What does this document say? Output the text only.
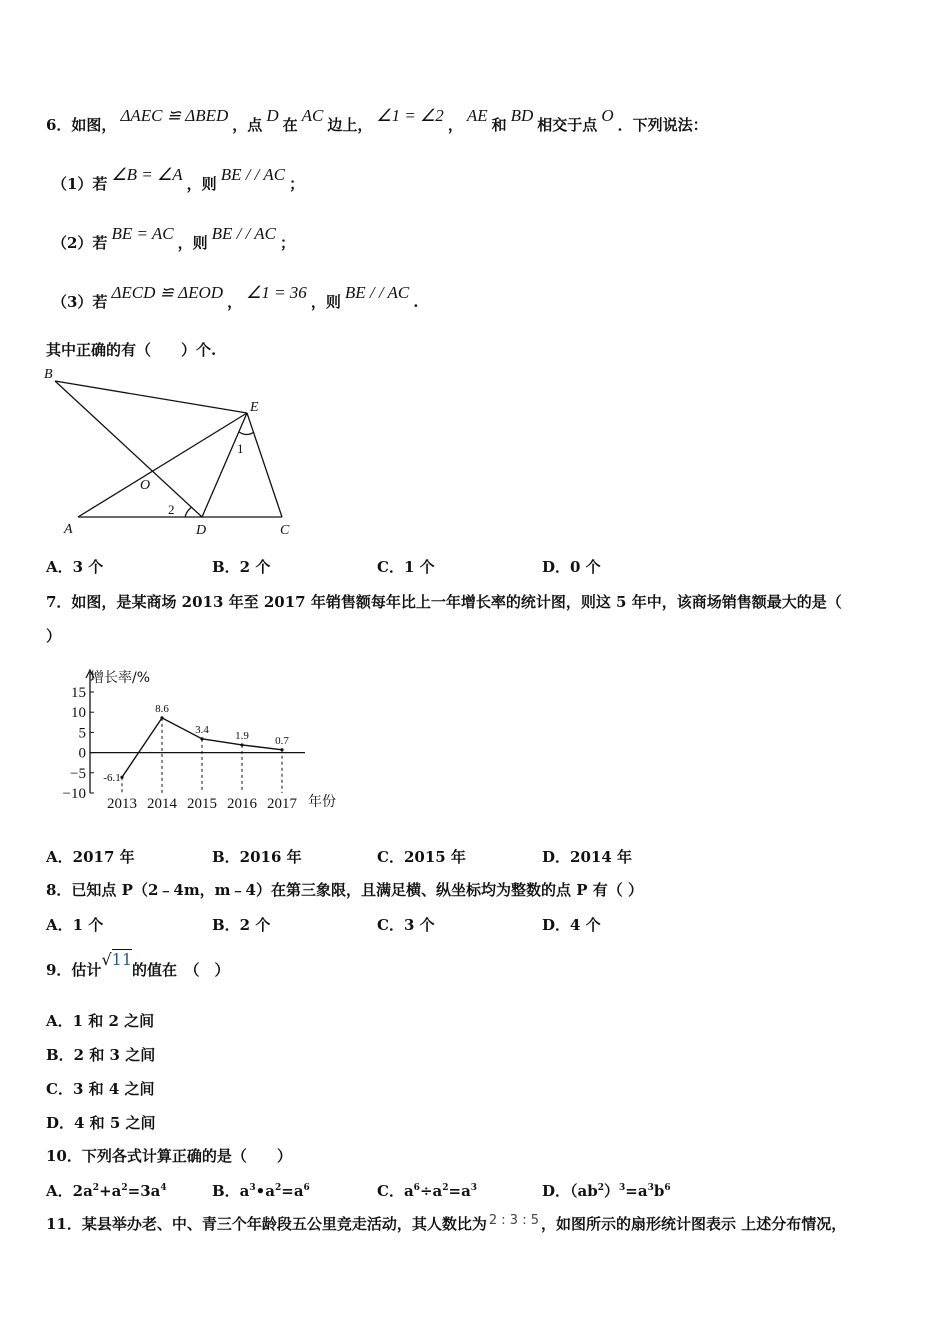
6．如图， ΔAEC ≌ ΔBED ，点 D 在 AC 边上， ∠1 = ∠2 ， AE 和 BD 相交于点 O ．下列说法：
（1）若 ∠B = ∠A ，则 BE / / AC ；
（2）若 BE = AC ，则 BE / / AC ；
（3）若 ΔECD ≌ ΔEOD ， ∠1 = 36 ，则 BE / / AC .
其中正确的有（　　）个.
B
E
O
A	D	C
1
2
A．3 个	B．2 个	C．1 个	D．0 个
7．如图，是某商场 2013 年至 2017 年销售额每年比上一年增长率的统计图，则这 5 年中，该商场销售额最大的是（
）
增长率/%
年份
15
10
5
0
−5
−10
2013 2014 2015 2016 2017
-6.1
8.6
3.4
1.9 0.7
A．2017 年	B．2016 年	C．2015 年	D．2014 年
8．已知点 P（2﹣4m，m﹣4）在第三象限，且满足横、纵坐标均为整数的点 P 有（ ）
A．1 个	B．2 个	C．3 个	D．4 个
9．估计√11的值在　（　）
A．1 和 2 之间
B．2 和 3 之间
C．3 和 4 之间
D．4 和 5 之间
10．下列各式计算正确的是（　　）
A．$2a^2+a^2=3a^4$	B．$a^3•a^2=a^6$	C．$a^6\div a^2=a^3$	D．$(ab^2)^3=a^3b^6$
11．某县举办老、中、青三个年龄段五公里竞走活动，其人数比为 2 : 3 : 5 ，如图所示的扇形统计图表示 上述分布情况，
